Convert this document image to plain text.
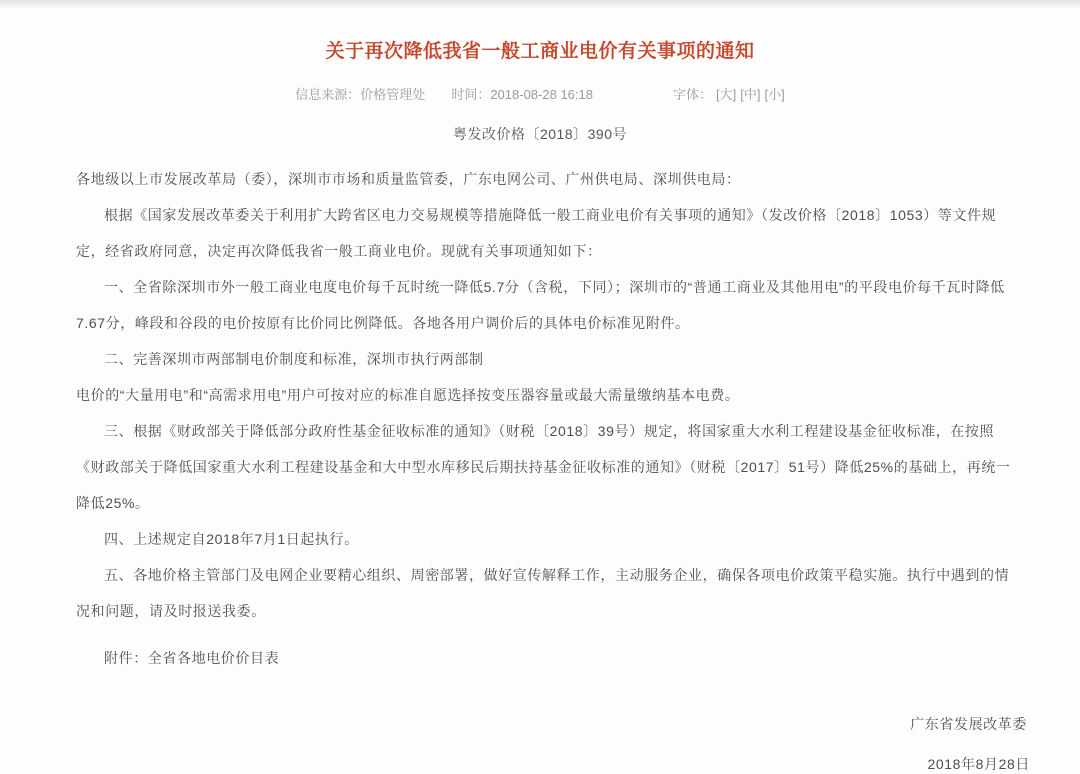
关于再次降低我省一般工商业电价有关事项的通知
信息来源：价格管理处 时间：2018-08-28 16:18	字体： [大] [中] [小]
粤发改价格〔2018〕390号

各地级以上市发展改革局（委），深圳市市场和质量监管委，广东电网公司、广州供电局、深圳供电局：

根据《国家发展改革委关于利用扩大跨省区电力交易规模等措施降低一般工商业电价有关事项的通知》（发改价格〔2018〕1053）等文件规定，经省政府同意，决定再次降低我省一般工商业电价。现就有关事项通知如下：

一、全省除深圳市外一般工商业电度电价每千瓦时统一降低5.7分（含税，下同）；深圳市的“普通工商业及其他用电”的平段电价每千瓦时降低7.67分，峰段和谷段的电价按原有比价同比例降低。各地各用户调价后的具体电价标准见附件。

二、完善深圳市两部制电价制度和标准，深圳市执行两部制

电价的“大量用电”和“高需求用电”用户可按对应的标准自愿选择按变压器容量或最大需量缴纳基本电费。

三、根据《财政部关于降低部分政府性基金征收标准的通知》（财税〔2018〕39号）规定，将国家重大水利工程建设基金征收标准，在按照《财政部关于降低国家重大水利工程建设基金和大中型水库移民后期扶持基金征收标准的通知》（财税〔2017〕51号）降低25%的基础上，再统一降低25%。

四、上述规定自2018年7月1日起执行。

五、各地价格主管部门及电网企业要精心组织、周密部署，做好宣传解释工作，主动服务企业，确保各项电价政策平稳实施。执行中遇到的情况和问题，请及时报送我委。

附件：全省各地电价价目表
广东省发展改革委
2018年8月28日
